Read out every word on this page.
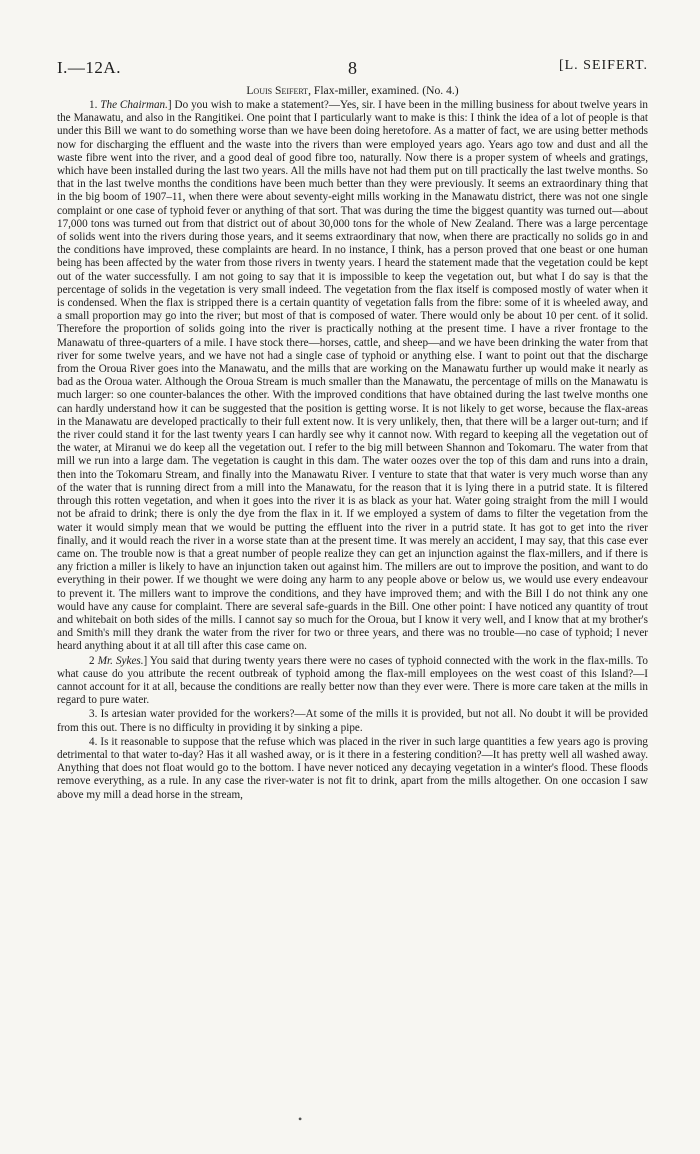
I.—12A.	8	[L. SEIFERT.
Louis Seifert, Flax-miller, examined. (No. 4.)

1. The Chairman.] Do you wish to make a statement?—Yes, sir. I have been in the milling business for about twelve years in the Manawatu, and also in the Rangitikei. One point that I particularly want to make is this: I think the idea of a lot of people is that under this Bill we want to do something worse than we have been doing heretofore. As a matter of fact, we are using better methods now for discharging the effluent and the waste into the rivers than were employed years ago. Years ago tow and dust and all the waste fibre went into the river, and a good deal of good fibre too, naturally. Now there is a proper system of wheels and gratings, which have been installed during the last two years. All the mills have not had them put on till practically the last twelve months. So that in the last twelve months the conditions have been much better than they were previously. It seems an extraordinary thing that in the big boom of 1907–11, when there were about seventy-eight mills working in the Manawatu district, there was not one single complaint or one case of typhoid fever or anything of that sort. That was during the time the biggest quantity was turned out—about 17,000 tons was turned out from that district out of about 30,000 tons for the whole of New Zealand. There was a large percentage of solids went into the rivers during those years, and it seems extraordinary that now, when there are practically no solids go in and the conditions have improved, these complaints are heard. In no instance, I think, has a person proved that one beast or one human being has been affected by the water from those rivers in twenty years. I heard the statement made that the vegetation could be kept out of the water successfully. I am not going to say that it is impossible to keep the vegetation out, but what I do say is that the percentage of solids in the vegetation is very small indeed. The vegetation from the flax itself is composed mostly of water when it is condensed. When the flax is stripped there is a certain quantity of vegetation falls from the fibre: some of it is wheeled away, and a small proportion may go into the river; but most of that is composed of water. There would only be about 10 per cent. of it solid. Therefore the proportion of solids going into the river is practically nothing at the present time. I have a river frontage to the Manawatu of three-quarters of a mile. I have stock there—horses, cattle, and sheep—and we have been drinking the water from that river for some twelve years, and we have not had a single case of typhoid or anything else. I want to point out that the discharge from the Oroua River goes into the Manawatu, and the mills that are working on the Manawatu further up would make it nearly as bad as the Oroua water. Although the Oroua Stream is much smaller than the Manawatu, the percentage of mills on the Manawatu is much larger: so one counter-balances the other. With the improved conditions that have obtained during the last twelve months one can hardly understand how it can be suggested that the position is getting worse. It is not likely to get worse, because the flax-areas in the Manawatu are developed practically to their full extent now. It is very unlikely, then, that there will be a larger out-turn; and if the river could stand it for the last twenty years I can hardly see why it cannot now. With regard to keeping all the vegetation out of the water, at Miranui we do keep all the vegetation out. I refer to the big mill between Shannon and Tokomaru. The water from that mill we run into a large dam. The vegetation is caught in this dam. The water oozes over the top of this dam and runs into a drain, then into the Tokomaru Stream, and finally into the Manawatu River. I venture to state that that water is very much worse than any of the water that is running direct from a mill into the Manawatu, for the reason that it is lying there in a putrid state. It is filtered through this rotten vegetation, and when it goes into the river it is as black as your hat. Water going straight from the mill I would not be afraid to drink; there is only the dye from the flax in it. If we employed a system of dams to filter the vegetation from the water it would simply mean that we would be putting the effluent into the river in a putrid state. It has got to get into the river finally, and it would reach the river in a worse state than at the present time. It was merely an accident, I may say, that this case ever came on. The trouble now is that a great number of people realize they can get an injunction against the flax-millers, and if there is any friction a miller is likely to have an injunction taken out against him. The millers are out to improve the position, and want to do everything in their power. If we thought we were doing any harm to any people above or below us, we would use every endeavour to prevent it. The millers want to improve the conditions, and they have improved them; and with the Bill I do not think any one would have any cause for complaint. There are several safe-guards in the Bill. One other point: I have noticed any quantity of trout and whitebait on both sides of the mills. I cannot say so much for the Oroua, but I know it very well, and I know that at my brother's and Smith's mill they drank the water from the river for two or three years, and there was no trouble—no case of typhoid; I never heard anything about it at all till after this case came on.

2 Mr. Sykes.] You said that during twenty years there were no cases of typhoid connected with the work in the flax-mills. To what cause do you attribute the recent outbreak of typhoid among the flax-mill employees on the west coast of this Island?—I cannot account for it at all, because the conditions are really better now than they ever were. There is more care taken at the mills in regard to pure water.

3. Is artesian water provided for the workers?—At some of the mills it is provided, but not all. No doubt it will be provided from this out. There is no difficulty in providing it by sinking a pipe.

4. Is it reasonable to suppose that the refuse which was placed in the river in such large quantities a few years ago is proving detrimental to that water to-day? Has it all washed away, or is it there in a festering condition?—It has pretty well all washed away. Anything that does not float would go to the bottom. I have never noticed any decaying vegetation in a winter's flood. These floods remove everything, as a rule. In any case the river-water is not fit to drink, apart from the mills altogether. On one occasion I saw above my mill a dead horse in the stream,

•
